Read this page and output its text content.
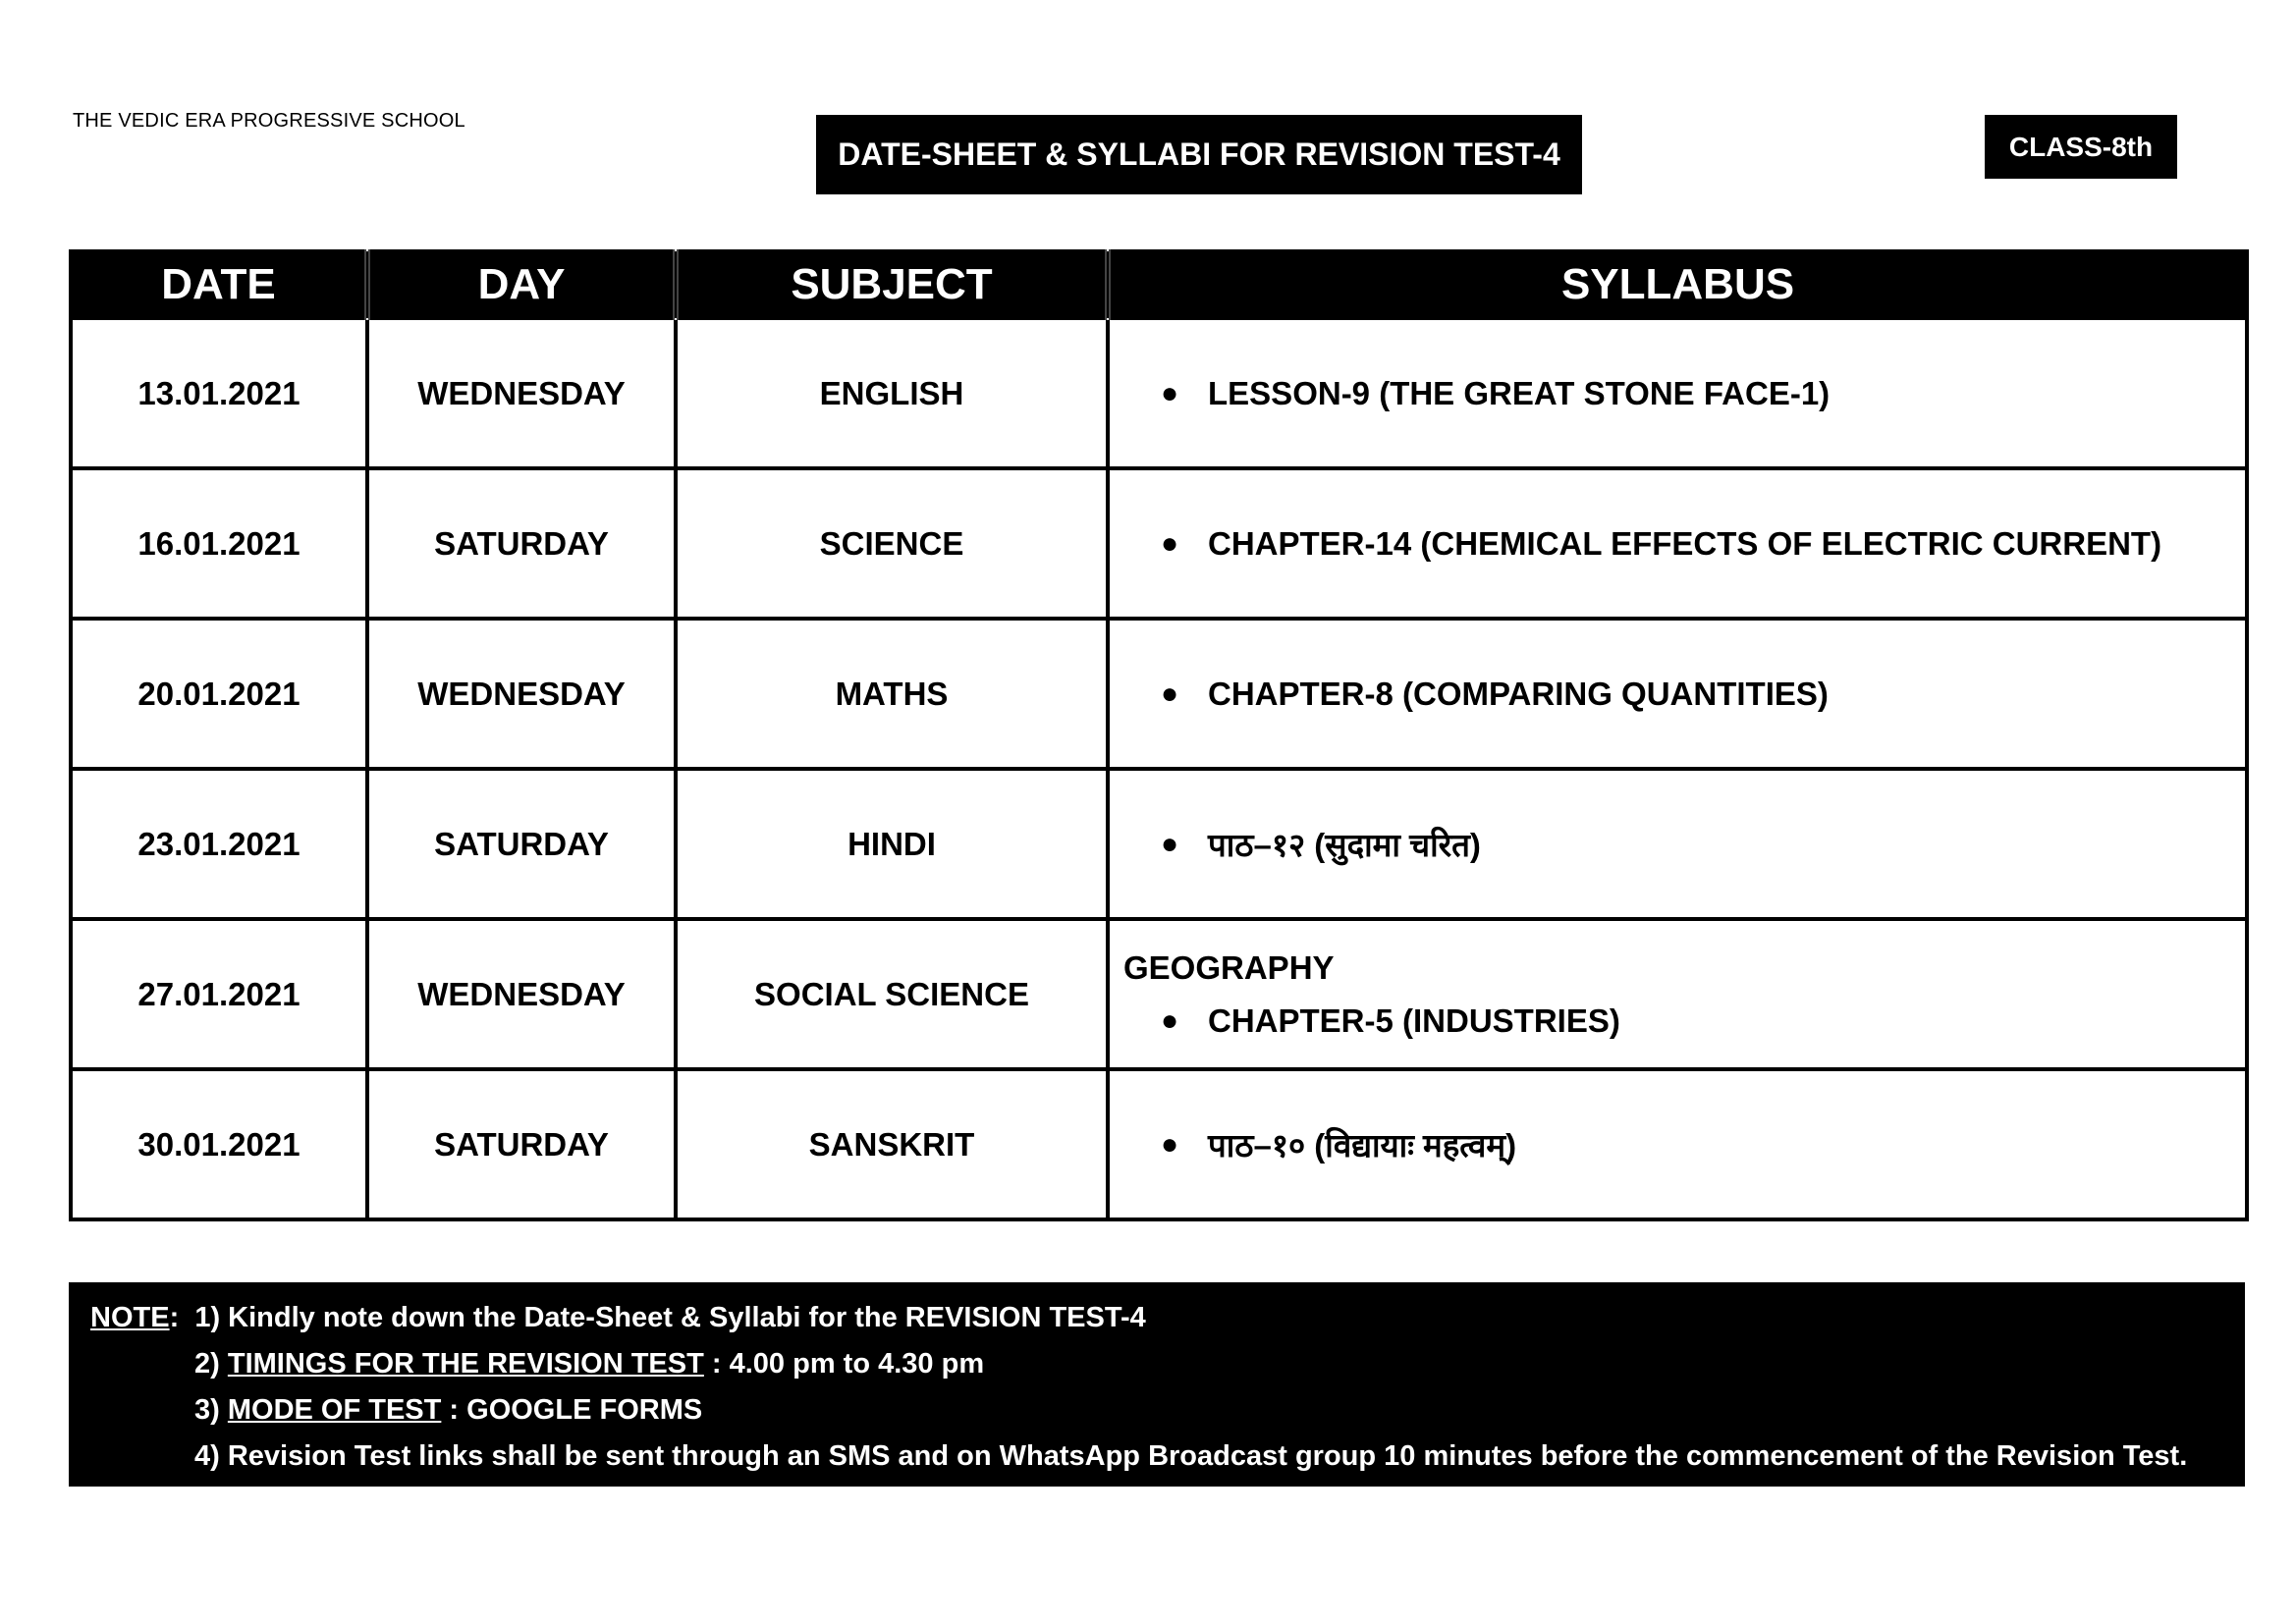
THE VEDIC ERA PROGRESSIVE SCHOOL
DATE-SHEET & SYLLABI FOR REVISION TEST-4	CLASS-8th
DATE	DAY	SUBJECT	SYLLABUS
13.01.2021	WEDNESDAY	ENGLISH	● LESSON-9 (THE GREAT STONE FACE-1)

16.01.2021	SATURDAY	SCIENCE	● CHAPTER-14 (CHEMICAL EFFECTS OF ELECTRIC CURRENT)

20.01.2021	WEDNESDAY	MATHS	● CHAPTER-8 (COMPARING QUANTITIES)

23.01.2021	SATURDAY	HINDI	● पाठ–१२ (सुदामा चरित)

27.01.2021	WEDNESDAY	SOCIAL SCIENCE	GEOGRAPHY
● CHAPTER-5 (INDUSTRIES)

30.01.2021	SATURDAY	SANSKRIT	● पाठ–१० (विद्यायाः महत्वम्)
NOTE:  1) Kindly note down the Date-Sheet & Syllabi for the REVISION TEST-4
2) TIMINGS FOR THE REVISION TEST : 4.00 pm to 4.30 pm
3) MODE OF TEST : GOOGLE FORMS
4) Revision Test links shall be sent through an SMS and on WhatsApp Broadcast group 10 minutes before the commencement of the Revision Test.
